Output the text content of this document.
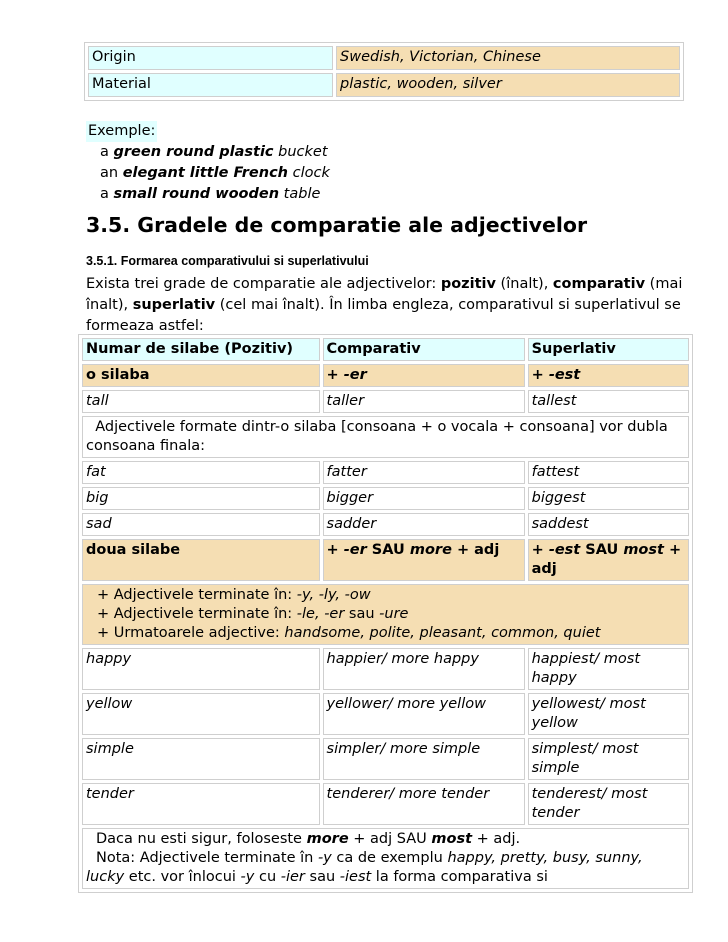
Origin	Swedish, Victorian, Chinese
Material	plastic, wooden, silver
Exemple:
a green round plastic bucket
an elegant little French clock
a small round wooden table
3.5. Gradele de comparatie ale adjectivelor
3.5.1. Formarea comparativului si superlativului
Exista trei grade de comparatie ale adjectivelor: pozitiv (înalt), comparativ (mai înalt), superlativ (cel mai înalt). În limba engleza, comparativul si superlativul se formeaza astfel:
Numar de silabe (Pozitiv)	Comparativ	Superlativ
o silaba	+ -er	+ -est
tall	taller	tallest
Adjectivele formate dintr-o silaba [consoana + o vocala + consoana] vor dubla consoana finala:		
fat	fatter	fattest
big	bigger	biggest
sad	sadder	saddest
doua silabe	+ -er SAU more + adj	+ -est SAU most + adj

+ Adjectivele terminate în: -y, -ly, -ow
+ Adjectivele terminate în: -le, -er sau -ure
+ Urmatoarele adjective: handsome, polite, pleasant, common, quiet		

happy	happier/ more happy	happiest/ most happy
yellow	yellower/ more yellow	yellowest/ most yellow
simple	simpler/ more simple	simplest/ most simple
tender	tenderer/ more tender	tenderest/ most tender

Daca nu esti sigur, foloseste more + adj SAU most + adj.
Nota: Adjectivele terminate în -y ca de exemplu happy, pretty, busy, sunny, lucky etc. vor înlocui -y cu -ier sau -iest la forma comparativa si		
